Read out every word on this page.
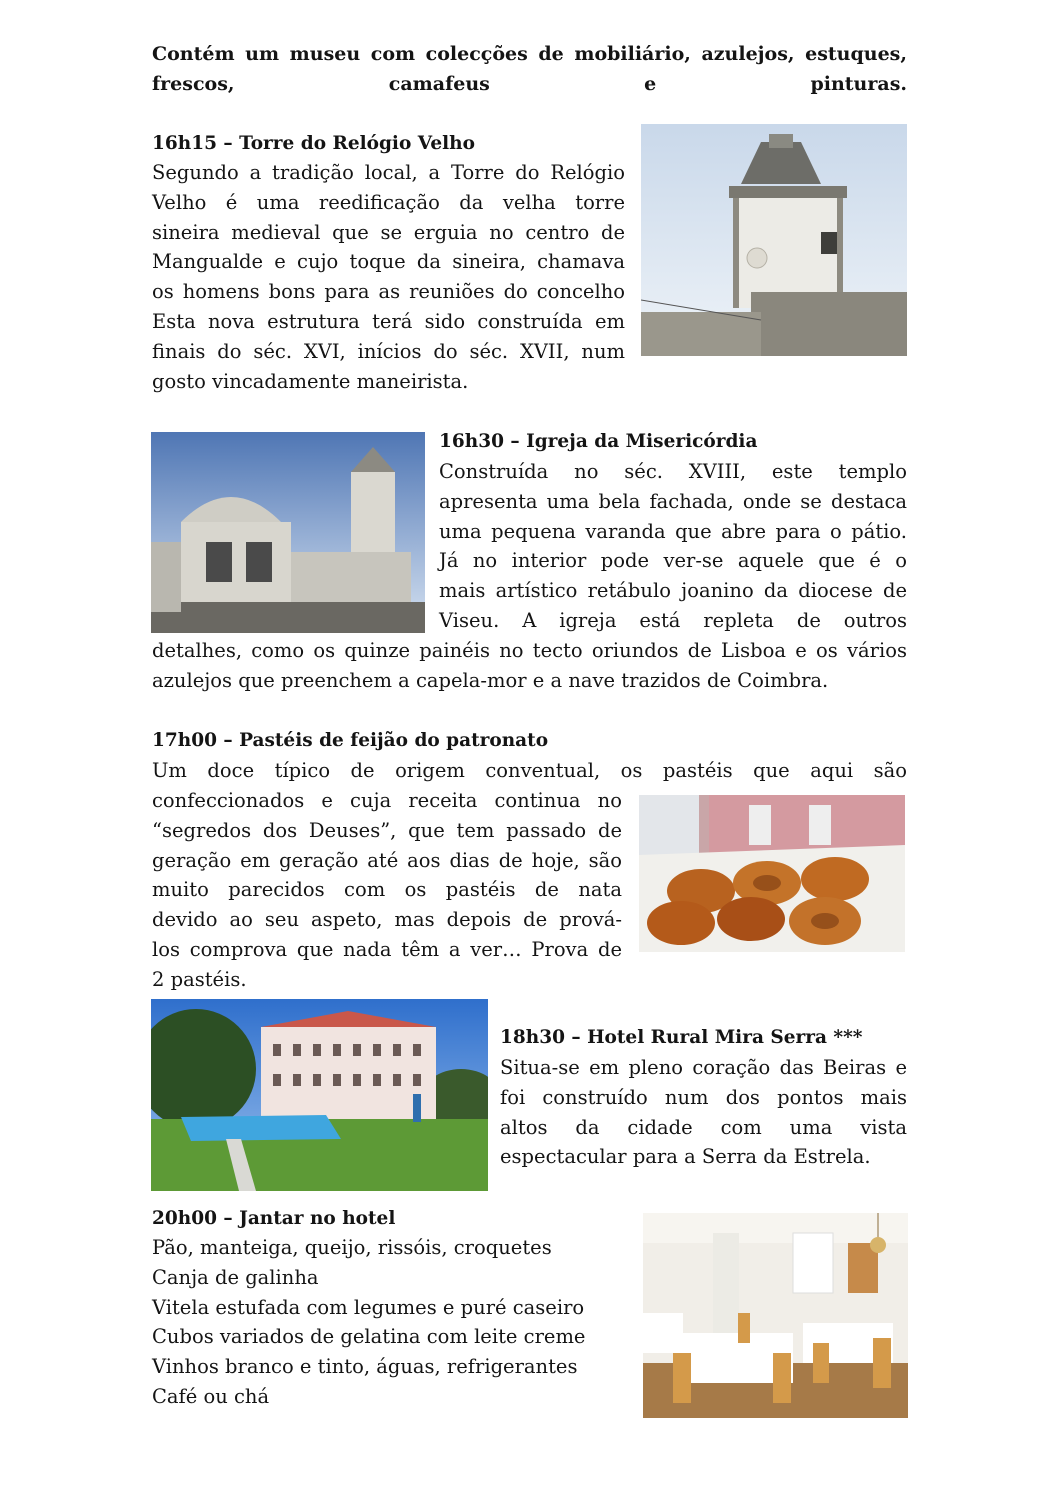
Contém um museu com colecções de mobiliário, azulejos, estuques,
frescos, camafeus e pinturas.

16h15 – Torre do Relógio Velho

Segundo a tradição local, a Torre do Relógio
Velho é uma reedificação da velha torre
sineira medieval que se erguia no centro de
Mangualde e cujo toque da sineira, chamava
os homens bons para as reuniões do concelho
Esta nova estrutura terá sido construída em
finais do séc. XVI, inícios do séc. XVII, num
gosto vincadamente maneirista.

16h30 – Igreja da Misericórdia

Construída no séc. XVIII, este templo
apresenta uma bela fachada, onde se destaca
uma pequena varanda que abre para o pátio.
Já no interior pode ver-se aquele que é o
mais artístico retábulo joanino da diocese de
Viseu. A igreja está repleta de outros
detalhes, como os quinze painéis no tecto oriundos de Lisboa e os vários
azulejos que preenchem a capela-mor e a nave trazidos de Coimbra.

17h00 – Pastéis de feijão do patronato

Um doce típico de origem conventual, os pastéis que aqui são
confeccionados e cuja receita continua no
“segredos dos Deuses”, que tem passado de
geração em geração até aos dias de hoje, são
muito parecidos com os pastéis de nata
devido ao seu aspeto, mas depois de prová-
los comprova que nada têm a ver… Prova de
2 pastéis.

18h30 – Hotel Rural Mira Serra ***

Situa-se em pleno coração das Beiras e
foi construído num dos pontos mais
altos da cidade com uma vista
espectacular para a Serra da Estrela.

20h00 – Jantar no hotel

Pão, manteiga, queijo, rissóis, croquetes
Canja de galinha
Vitela estufada com legumes e puré caseiro
Cubos variados de gelatina com leite creme
Vinhos branco e tinto, águas, refrigerantes
Café ou chá
